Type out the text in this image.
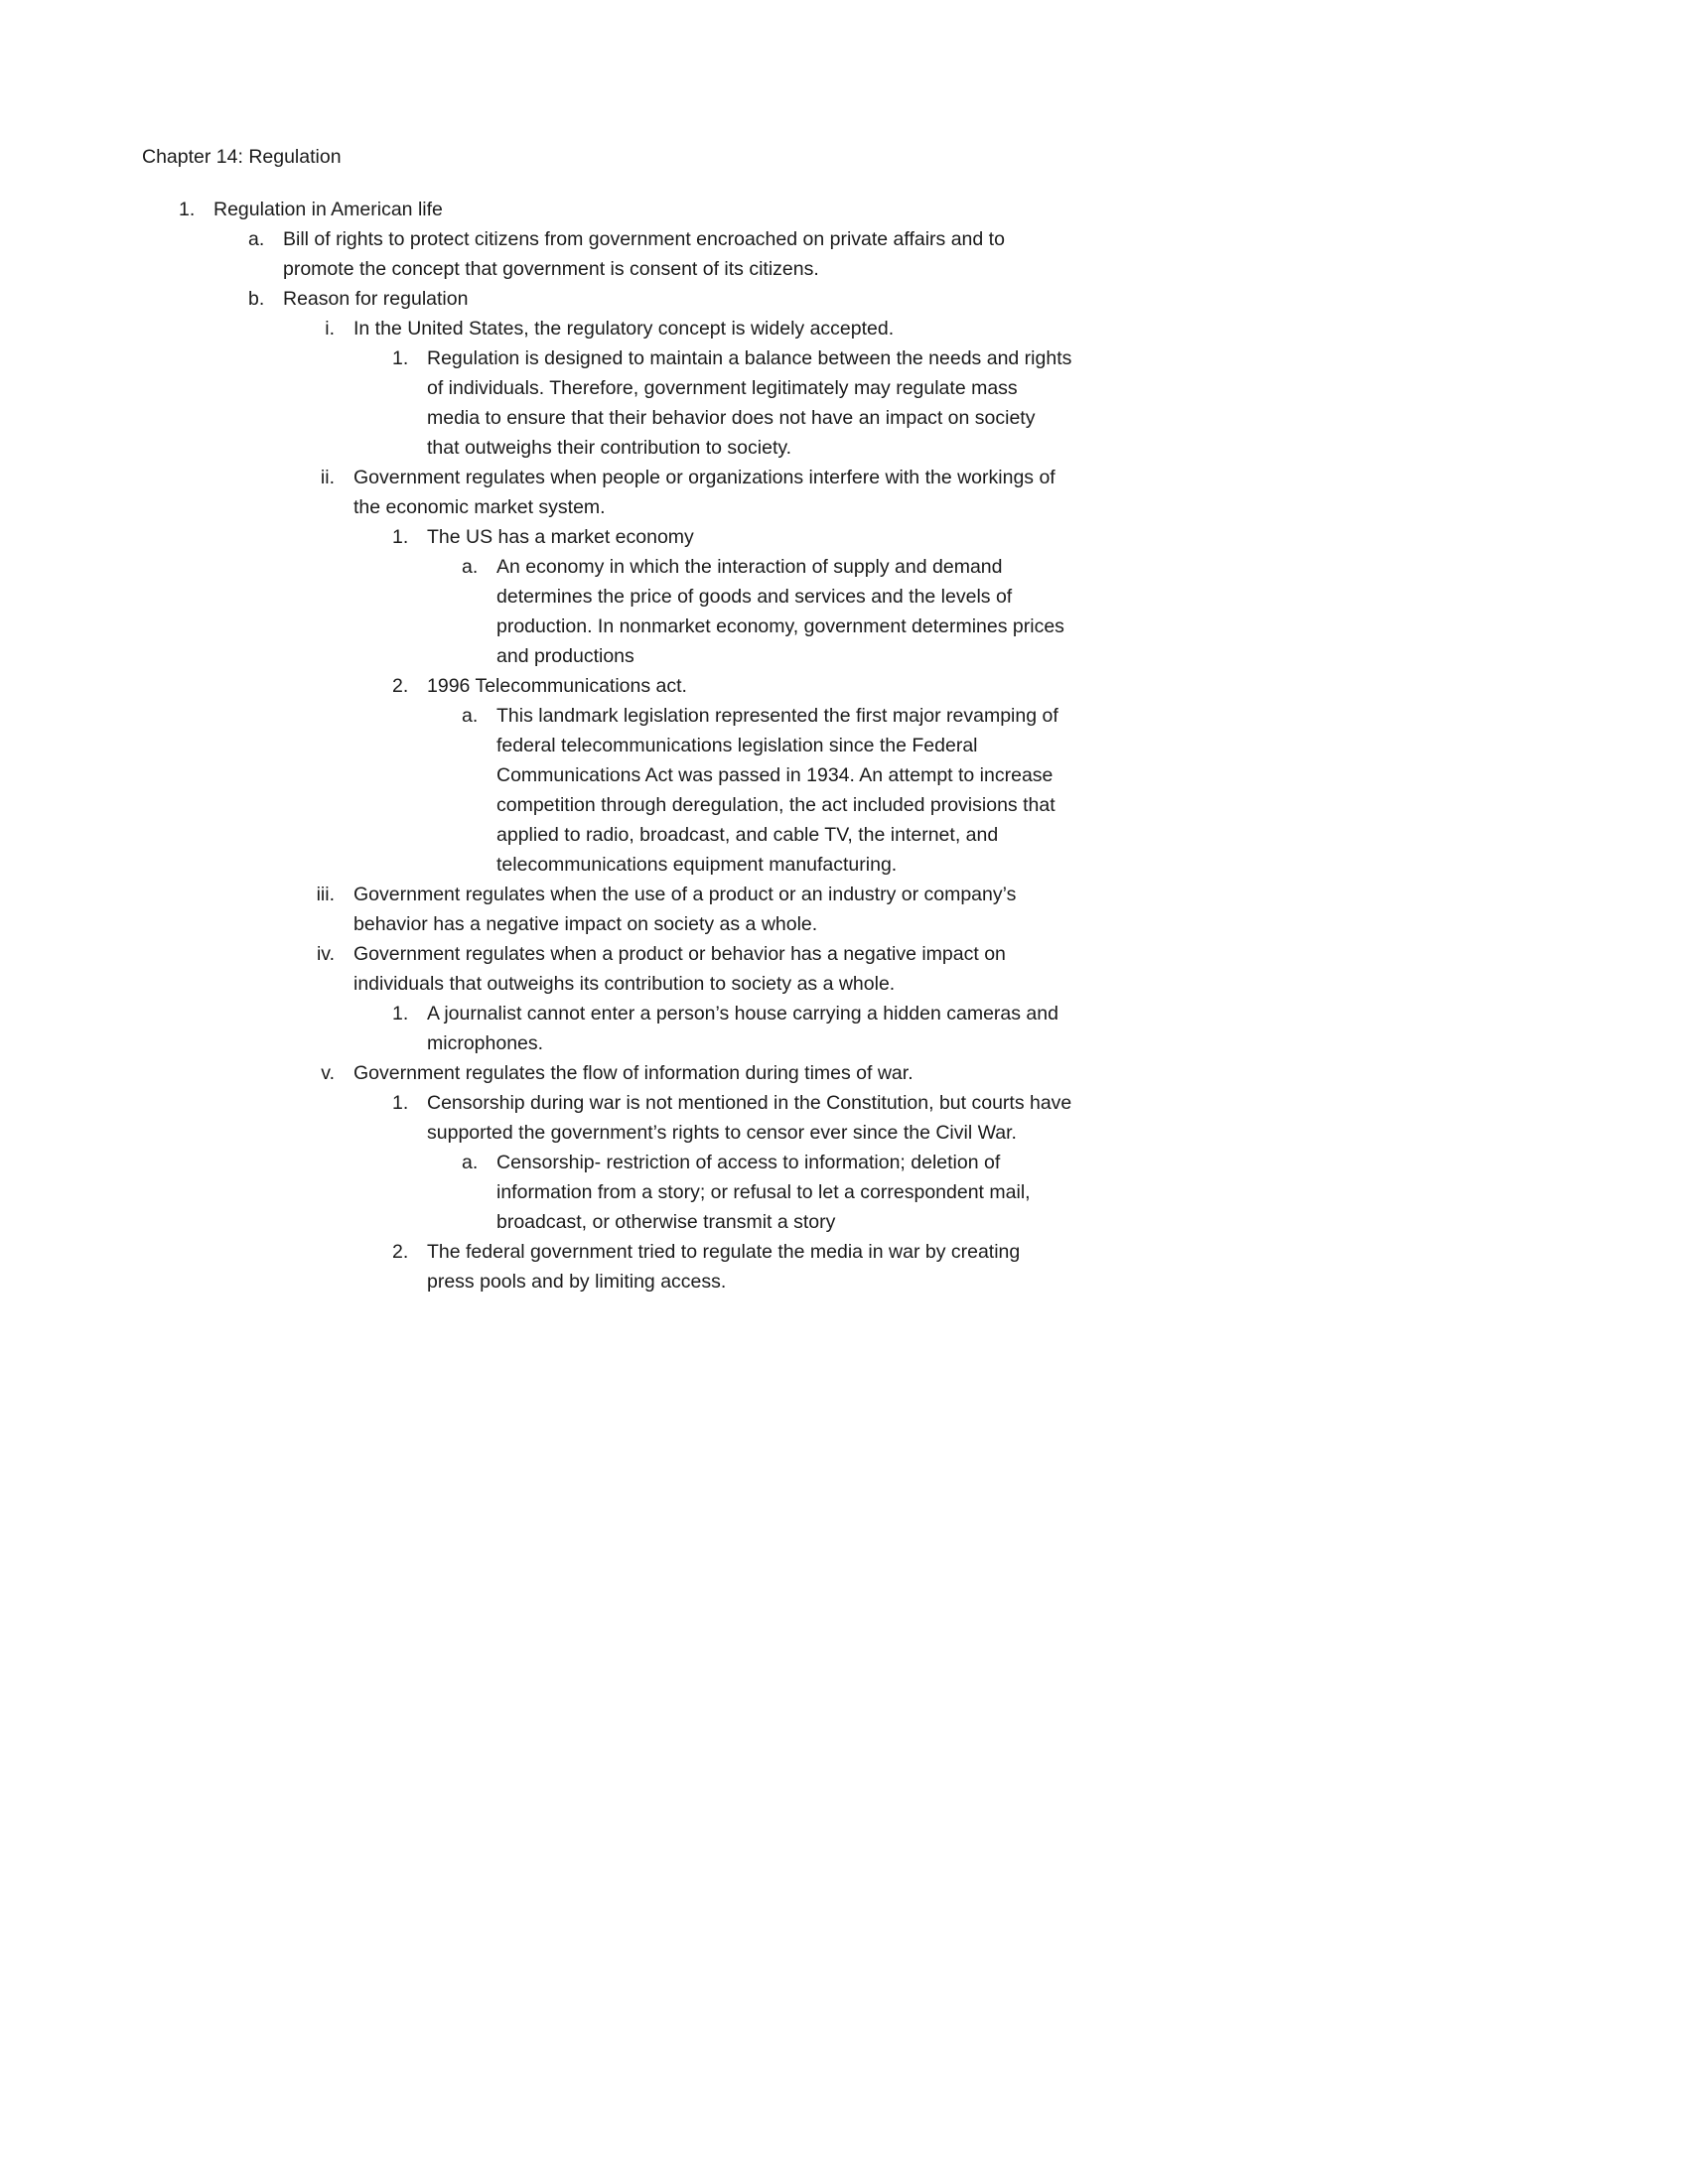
Chapter 14: Regulation
1. Regulation in American life
a. Bill of rights to protect citizens from government encroached on private affairs and to promote the concept that government is consent of its citizens.
b. Reason for regulation
i. In the United States, the regulatory concept is widely accepted.
1. Regulation is designed to maintain a balance between the needs and rights of individuals. Therefore, government legitimately may regulate mass media to ensure that their behavior does not have an impact on society that outweighs their contribution to society.
ii. Government regulates when people or organizations interfere with the workings of the economic market system.
1. The US has a market economy
a. An economy in which the interaction of supply and demand determines the price of goods and services and the levels of production. In nonmarket economy, government determines prices and productions
2. 1996 Telecommunications act.
a. This landmark legislation represented the first major revamping of federal telecommunications legislation since the Federal Communications Act was passed in 1934. An attempt to increase competition through deregulation, the act included provisions that applied to radio, broadcast, and cable TV, the internet, and telecommunications equipment manufacturing.
iii. Government regulates when the use of a product or an industry or company’s behavior has a negative impact on society as a whole.
iv. Government regulates when a product or behavior has a negative impact on individuals that outweighs its contribution to society as a whole.
1. A journalist cannot enter a person’s house carrying a hidden cameras and microphones.
v. Government regulates the flow of information during times of war.
1. Censorship during war is not mentioned in the Constitution, but courts have supported the government’s rights to censor ever since the Civil War.
a. Censorship- restriction of access to information; deletion of information from a story; or refusal to let a correspondent mail, broadcast, or otherwise transmit a story
2. The federal government tried to regulate the media in war by creating press pools and by limiting access.
